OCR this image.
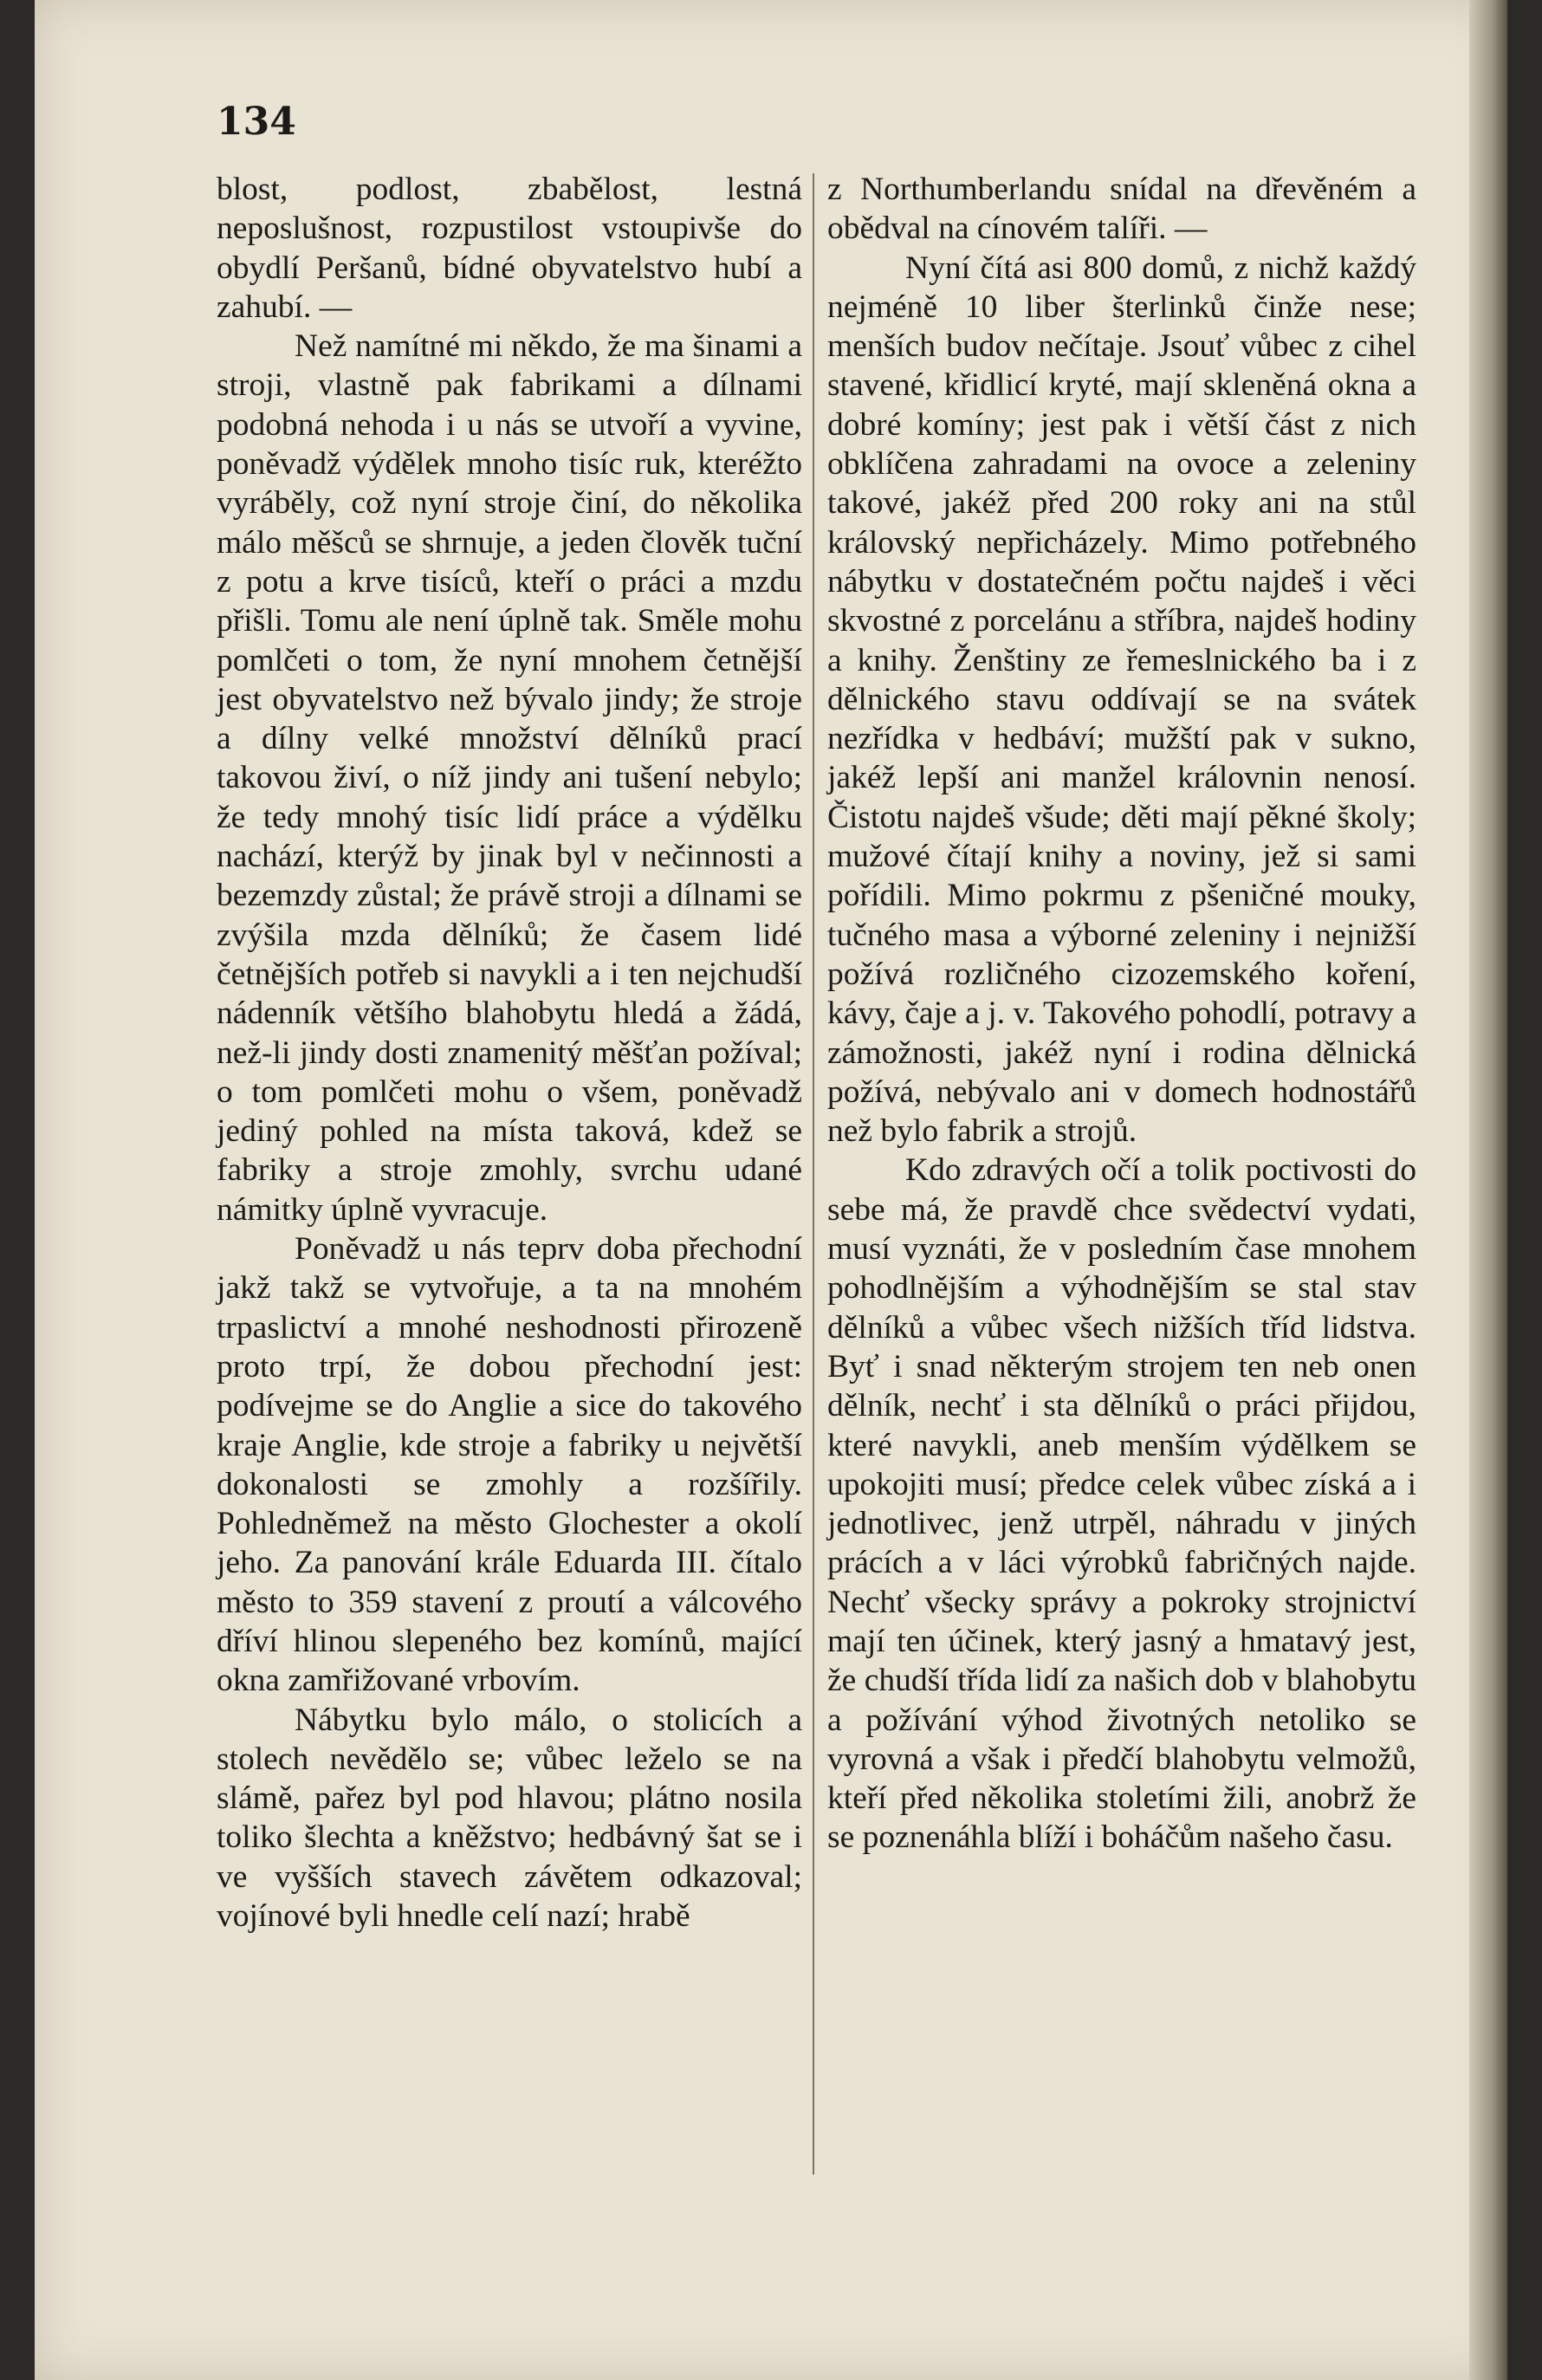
134

blost, podlost, zbabělost, lestná neposlušnost, rozpustilost vstoupivše do obydlí Peršanů, bídné obyvatelstvo hubí a zahubí. —

Než namítné mi někdo, že ma šinami a stroji, vlastně pak fabrikami a dílnami podobná nehoda i u nás se utvoří a vyvine, poněvadž výdělek mnoho tisíc ruk, kteréžto vyráběly, což nyní stroje činí, do několika málo měšců se shrnuje, a jeden člověk tuční z potu a krve tisíců, kteří o práci a mzdu přišli. Tomu ale není úplně tak. Směle mohu pomlčeti o tom, že nyní mnohem četnější jest obyvatelstvo než bývalo jindy; že stroje a dílny velké množství dělníků prací takovou živí, o níž jindy ani tušení nebylo; že tedy mnohý tisíc lidí práce a výdělku nachází, kterýž by jinak byl v nečinnosti a bezemzdy zůstal; že právě stroji a dílnami se zvýšila mzda dělníků; že časem lidé četnějších potřeb si navykli a i ten nejchudší nádenník většího blahobytu hledá a žádá, než-li jindy dosti znamenitý měšťan požíval; o tom pomlčeti mohu o všem, poněvadž jediný pohled na místa taková, kdež se fabriky a stroje zmohly, svrchu udané námitky úplně vyvracuje.

Poněvadž u nás teprv doba přechodní jakž takž se vytvořuje, a ta na mnohém trpaslictví a mnohé neshodnosti přirozeně proto trpí, že dobou přechodní jest: podívejme se do Anglie a sice do takového kraje Anglie, kde stroje a fabriky u největší dokonalosti se zmohly a rozšířily. Pohledněmež na město Glochester a okolí jeho. Za panování krále Eduarda III. čítalo město to 359 stavení z proutí a válcového dříví hlinou slepeného bez komínů, mající okna zamřižované vrbovím.

Nábytku bylo málo, o stolicích a stolech nevědělo se; vůbec leželo se na slámě, pařez byl pod hlavou; plátno nosila toliko šlechta a kněžstvo; hedbávný šat se i ve vyšších stavech závětem odkazoval; vojínové byli hnedle celí nazí; hrabě

z Northumberlandu snídal na dřevěném a obědval na cínovém talíři. —

Nyní čítá asi 800 domů, z nichž každý nejméně 10 liber šterlinků činže nese; menších budov nečítaje. Jsouť vůbec z cihel stavené, křidlicí kryté, mají skleněná okna a dobré komíny; jest pak i větší část z nich obklíčena zahradami na ovoce a zeleniny takové, jakéž před 200 roky ani na stůl královský nepřicházely. Mimo potřebného nábytku v dostatečném počtu najdeš i věci skvostné z porcelánu a stříbra, najdeš hodiny a knihy. Ženštiny ze řemeslnického ba i z dělnického stavu oddívají se na svátek nezřídka v hedbáví; mužští pak v sukno, jakéž lepší ani manžel královnin nenosí. Čistotu najdeš všude; děti mají pěkné školy; mužové čítají knihy a noviny, jež si sami pořídili. Mimo pokrmu z pšeničné mouky, tučného masa a výborné zeleniny i nejnižší požívá rozličného cizozemského koření, kávy, čaje a j. v. Takového pohodlí, potravy a zámožnosti, jakéž nyní i rodina dělnická požívá, nebývalo ani v domech hodnostářů než bylo fabrik a strojů.

Kdo zdravých očí a tolik poctivosti do sebe má, že pravdě chce svědectví vydati, musí vyznáti, že v posledním čase mnohem pohodlnějším a výhodnějším se stal stav dělníků a vůbec všech nižších tříd lidstva. Byť i snad některým strojem ten neb onen dělník, nechť i sta dělníků o práci přijdou, které navykli, aneb menším výdělkem se upokojiti musí; předce celek vůbec získá a i jednotlivec, jenž utrpěl, náhradu v jiných prácích a v láci výrobků fabričných najde. Nechť všecky správy a pokroky strojnictví mají ten účinek, který jasný a hmatavý jest, že chudší třída lidí za našich dob v blahobytu a požívání výhod životných netoliko se vyrovná a však i předčí blahobytu velmožů, kteří před několika stoletími žili, anobrž že se poznenáhla blíží i boháčům našeho času.
